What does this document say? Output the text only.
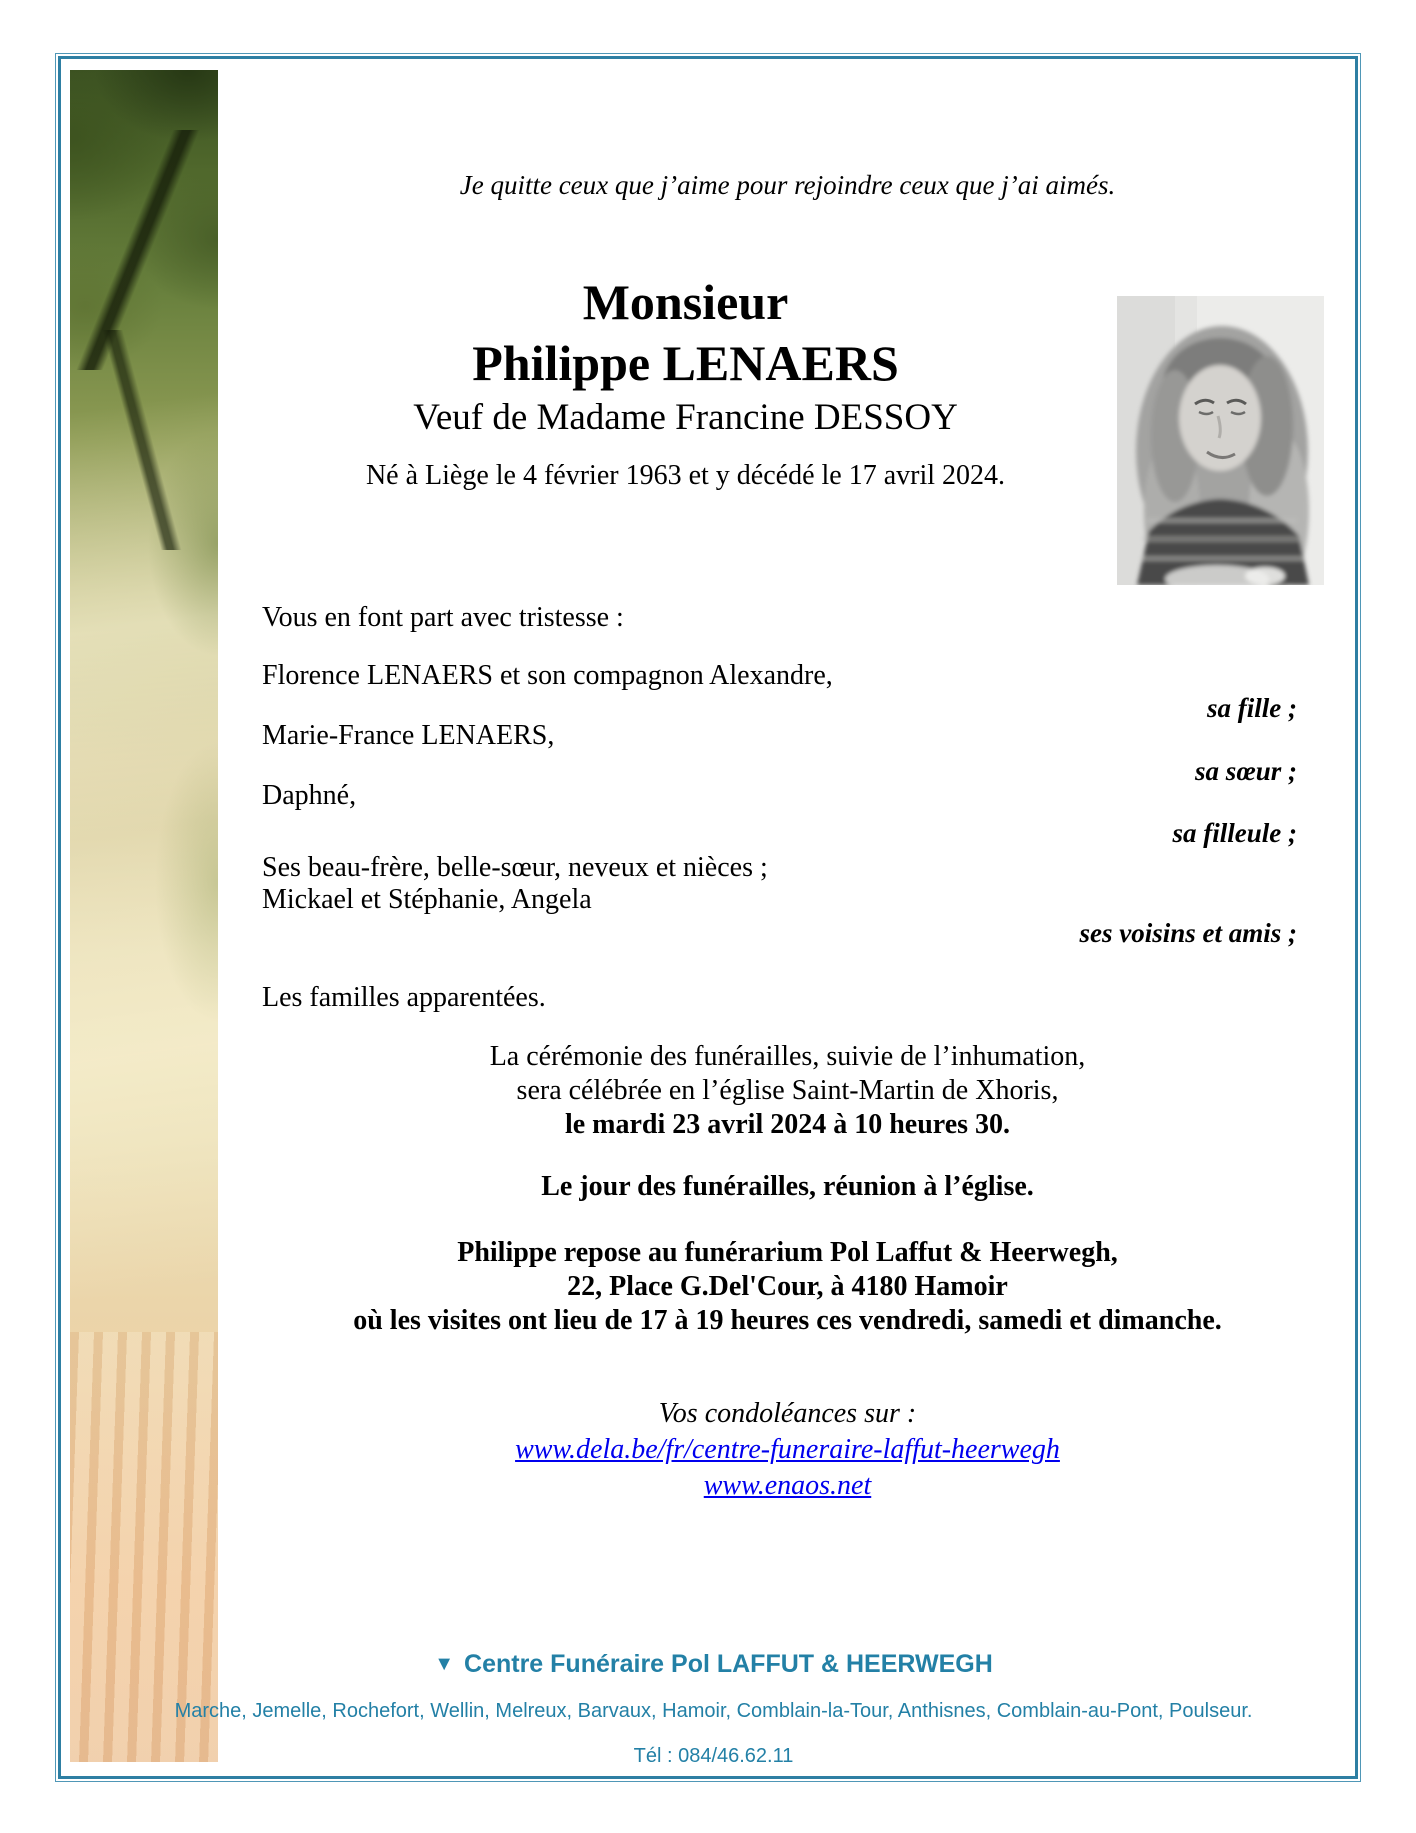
Je quitte ceux que j’aime pour rejoindre ceux que j’ai aimés.
Monsieur
Philippe LENAERS
Veuf de Madame Francine DESSOY
Né à Liège le 4 février 1963 et y décédé le 17 avril 2024.
Vous en font part avec tristesse :
Florence LENAERS et son compagnon Alexandre,
sa fille ;
Marie-France LENAERS,
sa sœur ;
Daphné,
sa filleule ;
Ses beau-frère, belle-sœur, neveux et nièces ;
Mickael et Stéphanie, Angela
ses voisins et amis ;
Les familles apparentées.
La cérémonie des funérailles, suivie de l’inhumation,
sera célébrée en l’église Saint-Martin de Xhoris,
le mardi 23 avril 2024 à 10 heures 30.
Le jour des funérailles, réunion à l’église.
Philippe repose au funérarium Pol Laffut & Heerwegh,
22, Place G.Del'Cour, à 4180 Hamoir
où les visites ont lieu de 17 à 19 heures ces vendredi, samedi et dimanche.
Vos condoléances sur :
www.dela.be/fr/centre-funeraire-laffut-heerwegh
www.enaos.net
▼ Centre Funéraire Pol LAFFUT & HEERWEGH
Marche, Jemelle, Rochefort, Wellin, Melreux, Barvaux, Hamoir, Comblain-la-Tour, Anthisnes, Comblain-au-Pont, Poulseur.
Tél : 084/46.62.11
